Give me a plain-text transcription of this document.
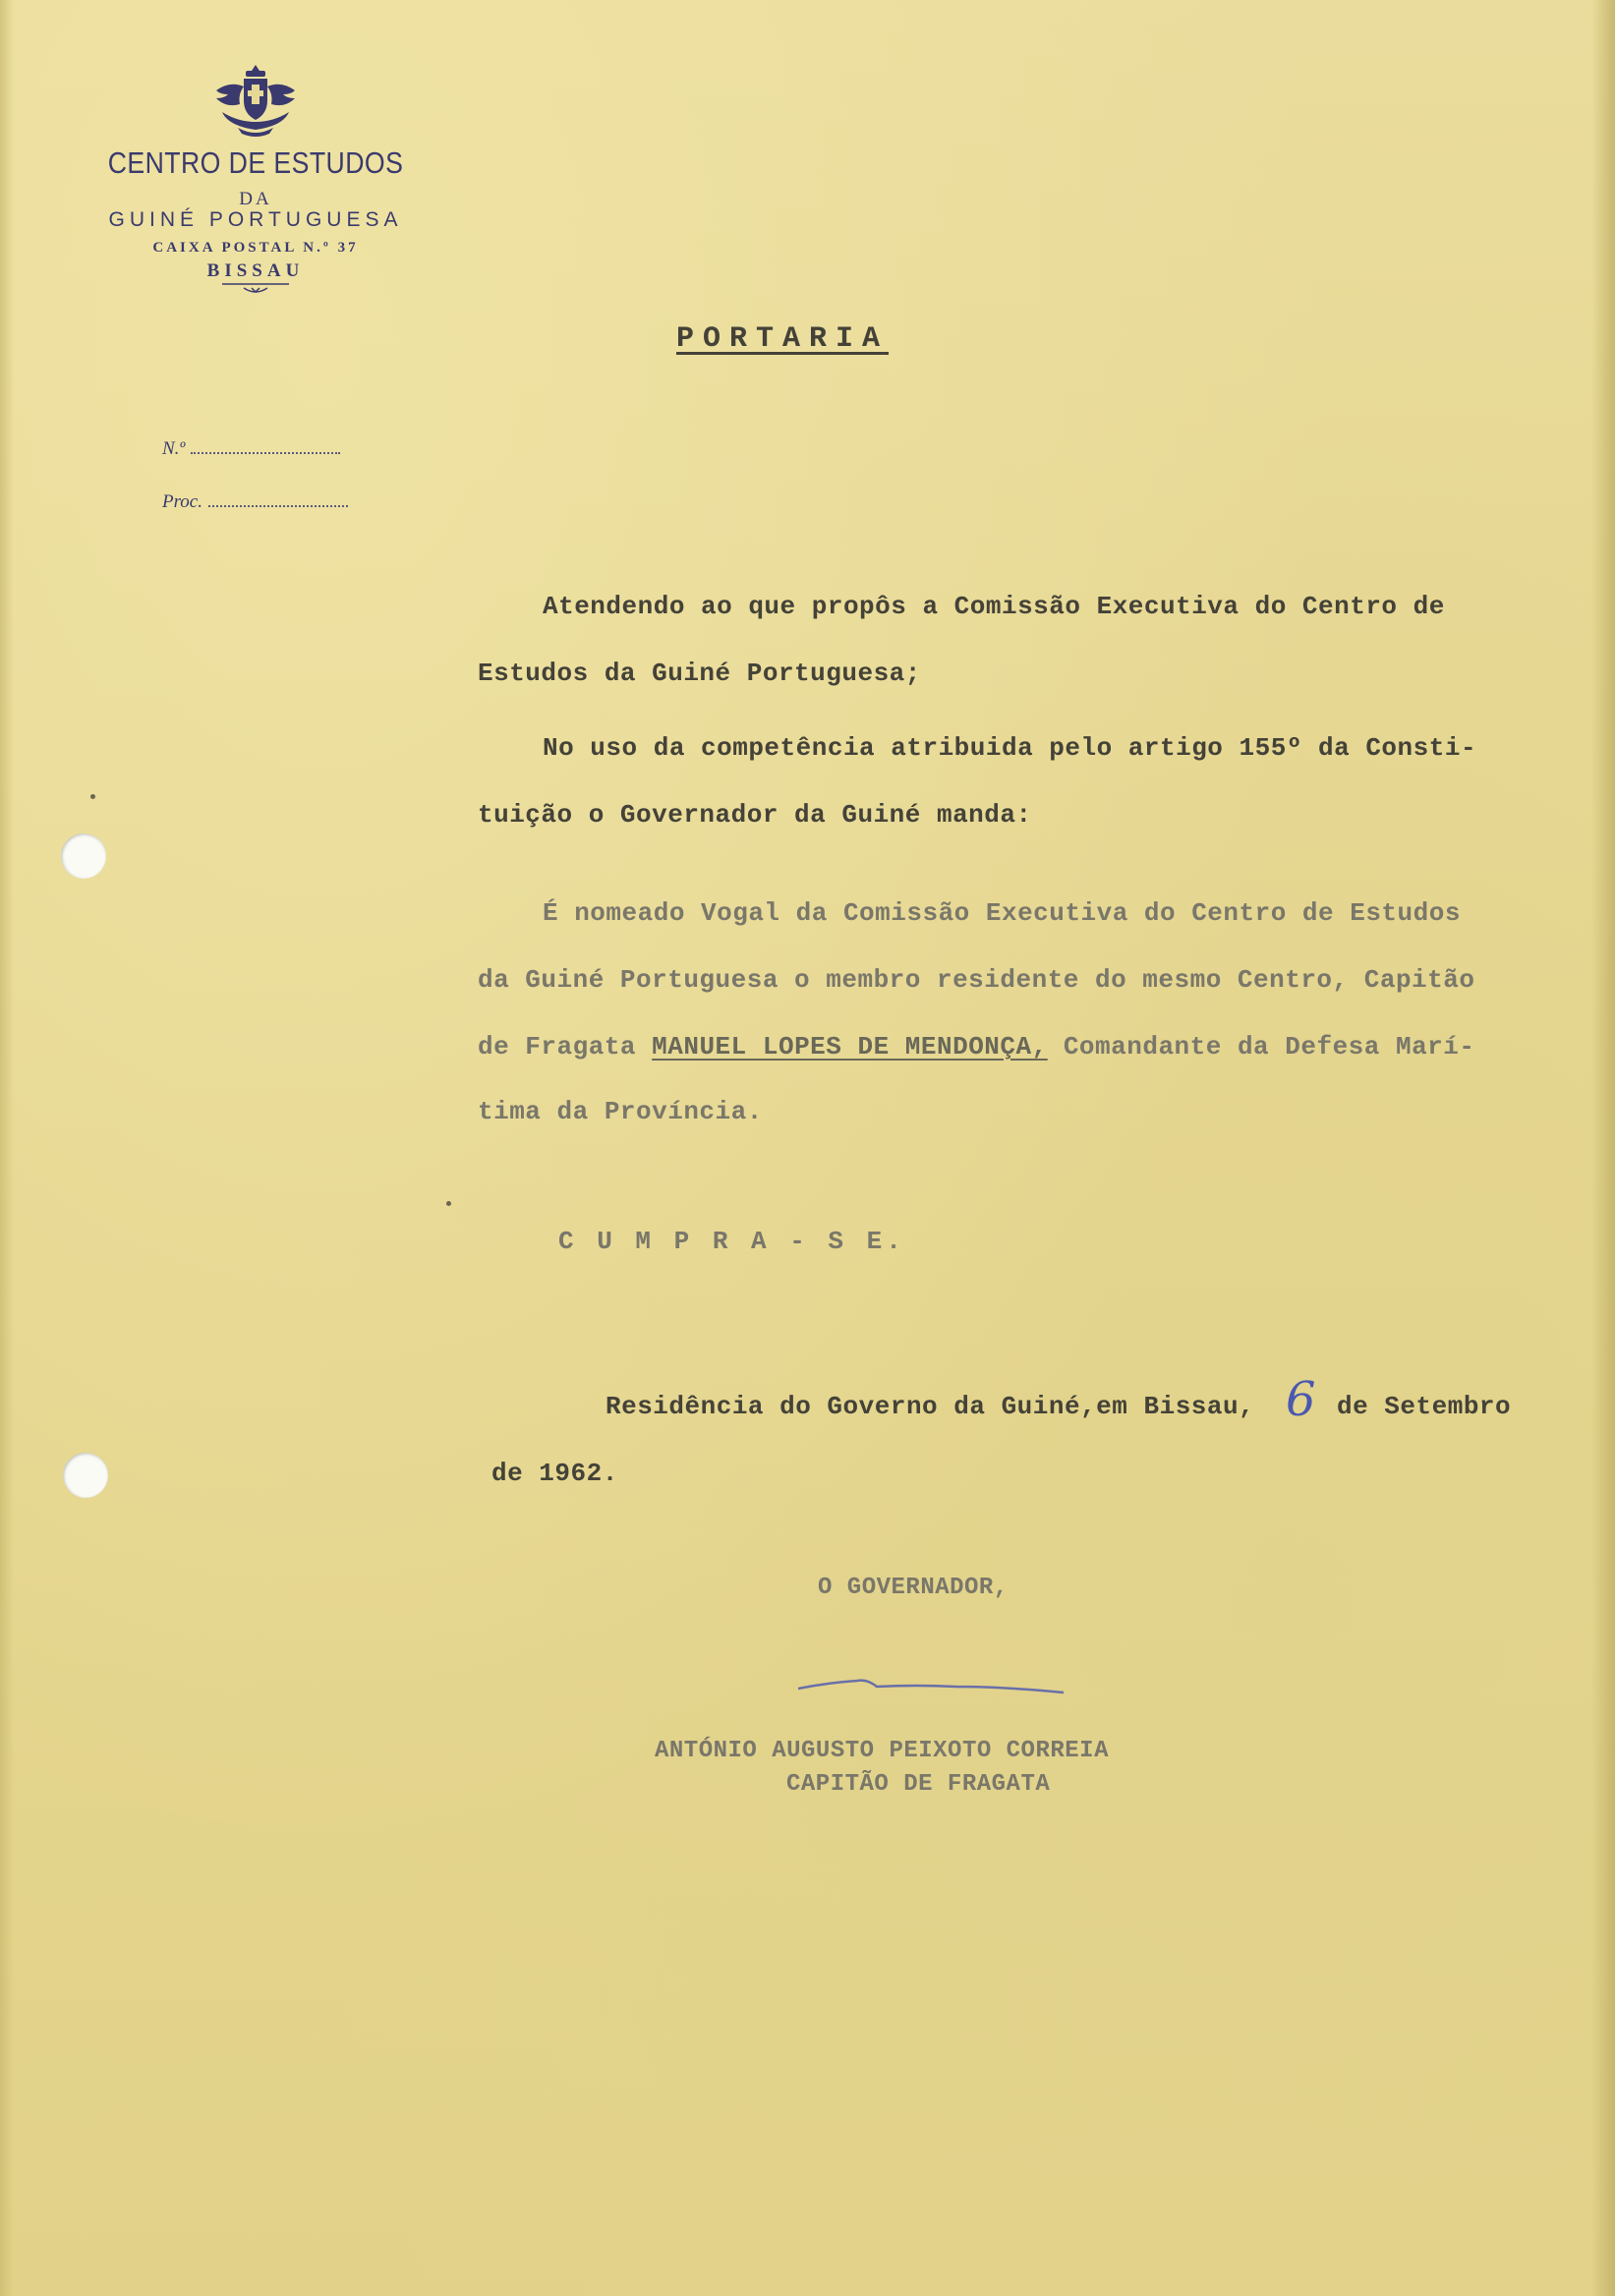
CENTRO DE ESTUDOS
DA
GUINÉ PORTUGUESA
CAIXA POSTAL N.º 37
BISSAU
N.º
Proc.
PORTARIA
Atendendo ao que propôs a Comissão Executiva do Centro de
Estudos da Guiné Portuguesa;
No uso da competência atribuida pelo artigo 155º da Consti-
tuição o Governador da Guiné manda:
É nomeado Vogal da Comissão Executiva do Centro de Estudos
da Guiné Portuguesa o membro residente do mesmo Centro, Capitão
de Fragata MANUEL LOPES DE MENDONÇA, Comandante da Defesa Marí-
tima da Província.
C U M P R A - S E.
Residência do Governo da Guiné,em Bissau, 6 de Setembro
de 1962.
O GOVERNADOR,
ANTÓNIO AUGUSTO PEIXOTO CORREIA
CAPITÃO DE FRAGATA
